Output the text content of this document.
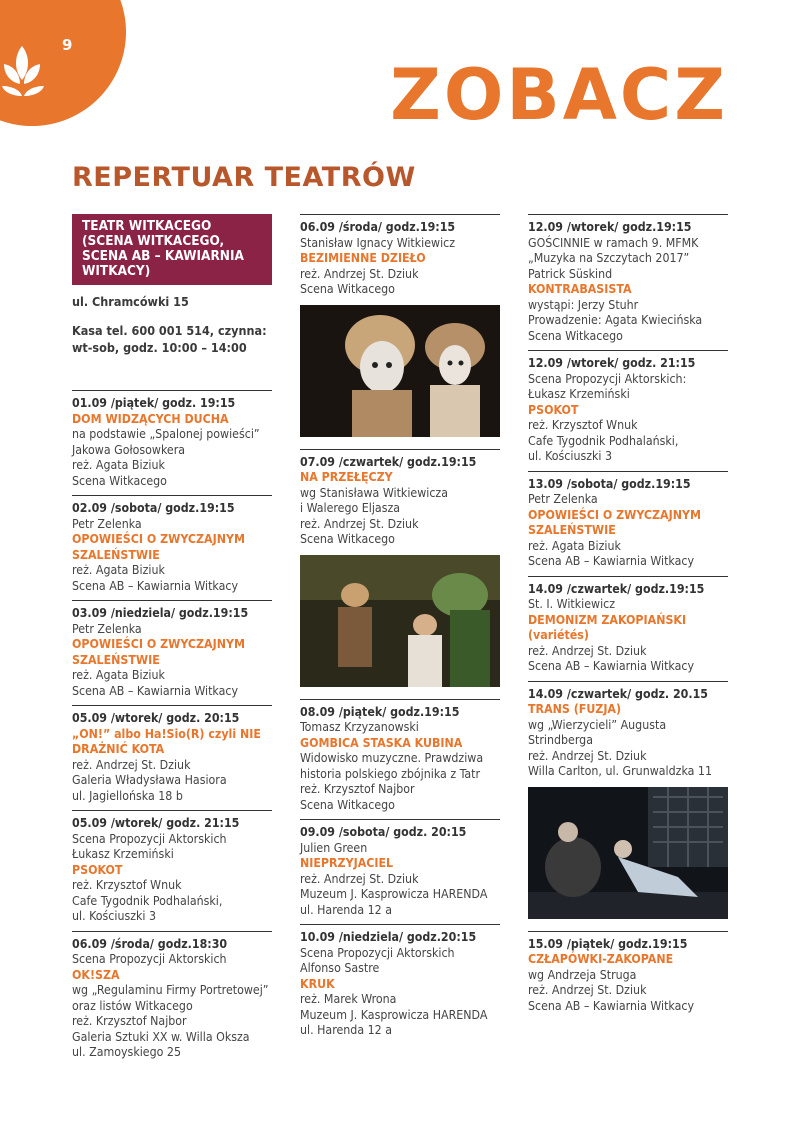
9
ZOBACZ
REPERTUAR TEATRÓW
TEATR WITKACEGO (SCENA WITKACEGO, SCENA AB – KAWIARNIA WITKACY)
ul. Chramcówki 15
Kasa tel. 600 001 514, czynna: wt-sob, godz. 10:00 – 14:00
01.09 /piątek/ godz. 19:15
DOM WIDZĄCYCH DUCHA
na podstawie „Spalonej powieści”
Jakowa Gołosowkera
reż. Agata Biziuk
Scena Witkacego
02.09 /sobota/ godz.19:15
Petr Zelenka
OPOWIEŚCI O ZWYCZAJNYM SZALEŃSTWIE
reż. Agata Biziuk
Scena AB – Kawiarnia Witkacy
03.09 /niedziela/ godz.19:15
Petr Zelenka
OPOWIEŚCI O ZWYCZAJNYM SZALEŃSTWIE
reż. Agata Biziuk
Scena AB – Kawiarnia Witkacy
05.09 /wtorek/ godz. 20:15
„ON!” albo Ha!Sio(R) czyli NIE DRAŻNIĆ KOTA
reż. Andrzej St. Dziuk
Galeria Władysława Hasiora
ul. Jagiellońska 18 b
05.09 /wtorek/ godz. 21:15
Scena Propozycji Aktorskich
Łukasz Krzemiński
PSOKOT
reż. Krzysztof Wnuk
Cafe Tygodnik Podhalański,
ul. Kościuszki 3
06.09 /środa/ godz.18:30
Scena Propozycji Aktorskich
OK!SZA
wg „Regulaminu Firmy Portretowej” oraz listów Witkacego
reż. Krzysztof Najbor
Galeria Sztuki XX w. Willa Oksza
ul. Zamoyskiego 25
06.09 /środa/ godz.19:15
Stanisław Ignacy Witkiewicz
BEZIMIENNE DZIEŁO
reż. Andrzej St. Dziuk
Scena Witkacego
07.09 /czwartek/ godz.19:15
NA PRZEŁĘCZY
wg Stanisława Witkiewicza
i Walerego Eljasza
reż. Andrzej St. Dziuk
Scena Witkacego
08.09 /piątek/ godz.19:15
Tomasz Krzyzanowski
GOMBICA STASKA KUBINA
Widowisko muzyczne. Prawdziwa historia polskiego zbójnika z Tatr
reż. Krzysztof Najbor
Scena Witkacego
09.09 /sobota/ godz. 20:15
Julien Green
NIEPRZYJACIEL
reż. Andrzej St. Dziuk
Muzeum J. Kasprowicza HARENDA
ul. Harenda 12 a
10.09 /niedziela/ godz.20:15
Scena Propozycji Aktorskich
Alfonso Sastre
KRUK
reż. Marek Wrona
Muzeum J. Kasprowicza HARENDA
ul. Harenda 12 a
12.09 /wtorek/ godz.19:15
GOŚCINNIE w ramach 9. MFMK „Muzyka na Szczytach 2017”
Patrick Süskind
KONTRABASISTA
wystąpi: Jerzy Stuhr
Prowadzenie: Agata Kwiecińska
Scena Witkacego
12.09 /wtorek/ godz. 21:15
Scena Propozycji Aktorskich:
Łukasz Krzemiński
PSOKOT
reż. Krzysztof Wnuk
Cafe Tygodnik Podhalański,
ul. Kościuszki 3
13.09 /sobota/ godz.19:15
Petr Zelenka
OPOWIEŚCI O ZWYCZAJNYM SZALEŃSTWIE
reż. Agata Biziuk
Scena AB – Kawiarnia Witkacy
14.09 /czwartek/ godz.19:15
St. I. Witkiewicz
DEMONIZM ZAKOPIAŃSKI (variétés)
reż. Andrzej St. Dziuk
Scena AB – Kawiarnia Witkacy
14.09 /czwartek/ godz. 20.15
TRANS (FUZJA)
wg „Wierzycieli” Augusta Strindberga
reż. Andrzej St. Dziuk
Willa Carlton, ul. Grunwaldzka 11
15.09 /piątek/ godz.19:15
CZŁAPÓWKI-ZAKOPANE
wg Andrzeja Struga
reż. Andrzej St. Dziuk
Scena AB – Kawiarnia Witkacy
